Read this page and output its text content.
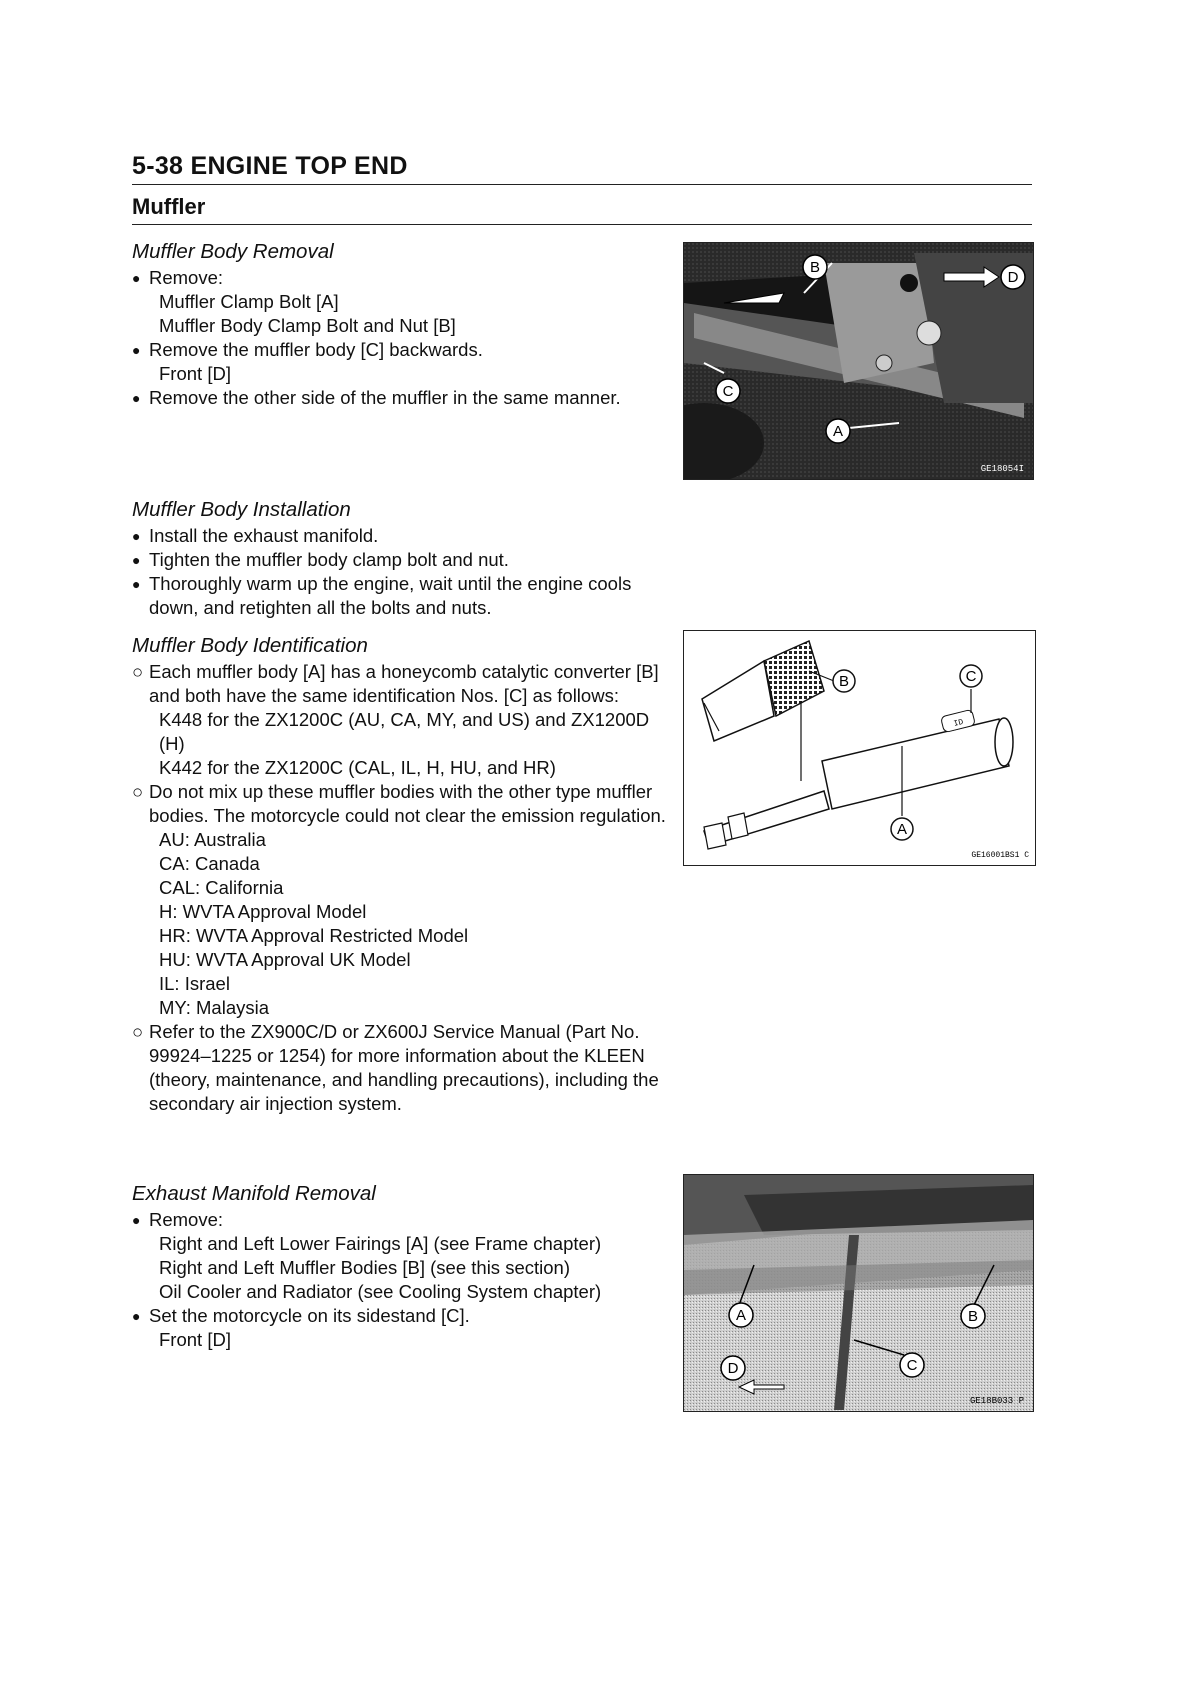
5-38 ENGINE TOP END
Muffler
Muffler Body Removal
● Remove:
Muffler Clamp Bolt [A]
Muffler Body Clamp Bolt and Nut [B]
● Remove the muffler body [C] backwards.
Front [D]
● Remove the other side of the muffler in the same manner.
B
D
C
A
GE18054I
Muffler Body Installation
● Install the exhaust manifold.
● Tighten the muffler body clamp bolt and nut.
● Thoroughly warm up the engine, wait until the engine cools down, and retighten all the bolts and nuts.
Muffler Body Identification
○ Each muffler body [A] has a honeycomb catalytic converter [B] and both have the same identification Nos. [C] as follows:
K448 for the ZX1200C (AU, CA, MY, and US) and ZX1200D (H)
K442 for the ZX1200C (CAL, IL, H, HU, and HR)
○ Do not mix up these muffler bodies with the other type muffler bodies. The motorcycle could not clear the emission regulation.
AU: Australia
CA: Canada
CAL: California
H: WVTA Approval Model
HR: WVTA Approval Restricted Model
HU: WVTA Approval UK Model
IL: Israel
MY: Malaysia
○ Refer to the ZX900C/D or ZX600J Service Manual (Part No. 99924–1225 or 1254) for more information about the KLEEN (theory, maintenance, and handling precautions), including the secondary air injection system.
ID
B	C
A
GE16001BS1 C
Exhaust Manifold Removal
● Remove:
Right and Left Lower Fairings [A] (see Frame chapter)
Right and Left Muffler Bodies [B] (see this section)
Oil Cooler and Radiator (see Cooling System chapter)
● Set the motorcycle on its sidestand [C].
Front [D]
A	B
D	C
GE18B033 P
